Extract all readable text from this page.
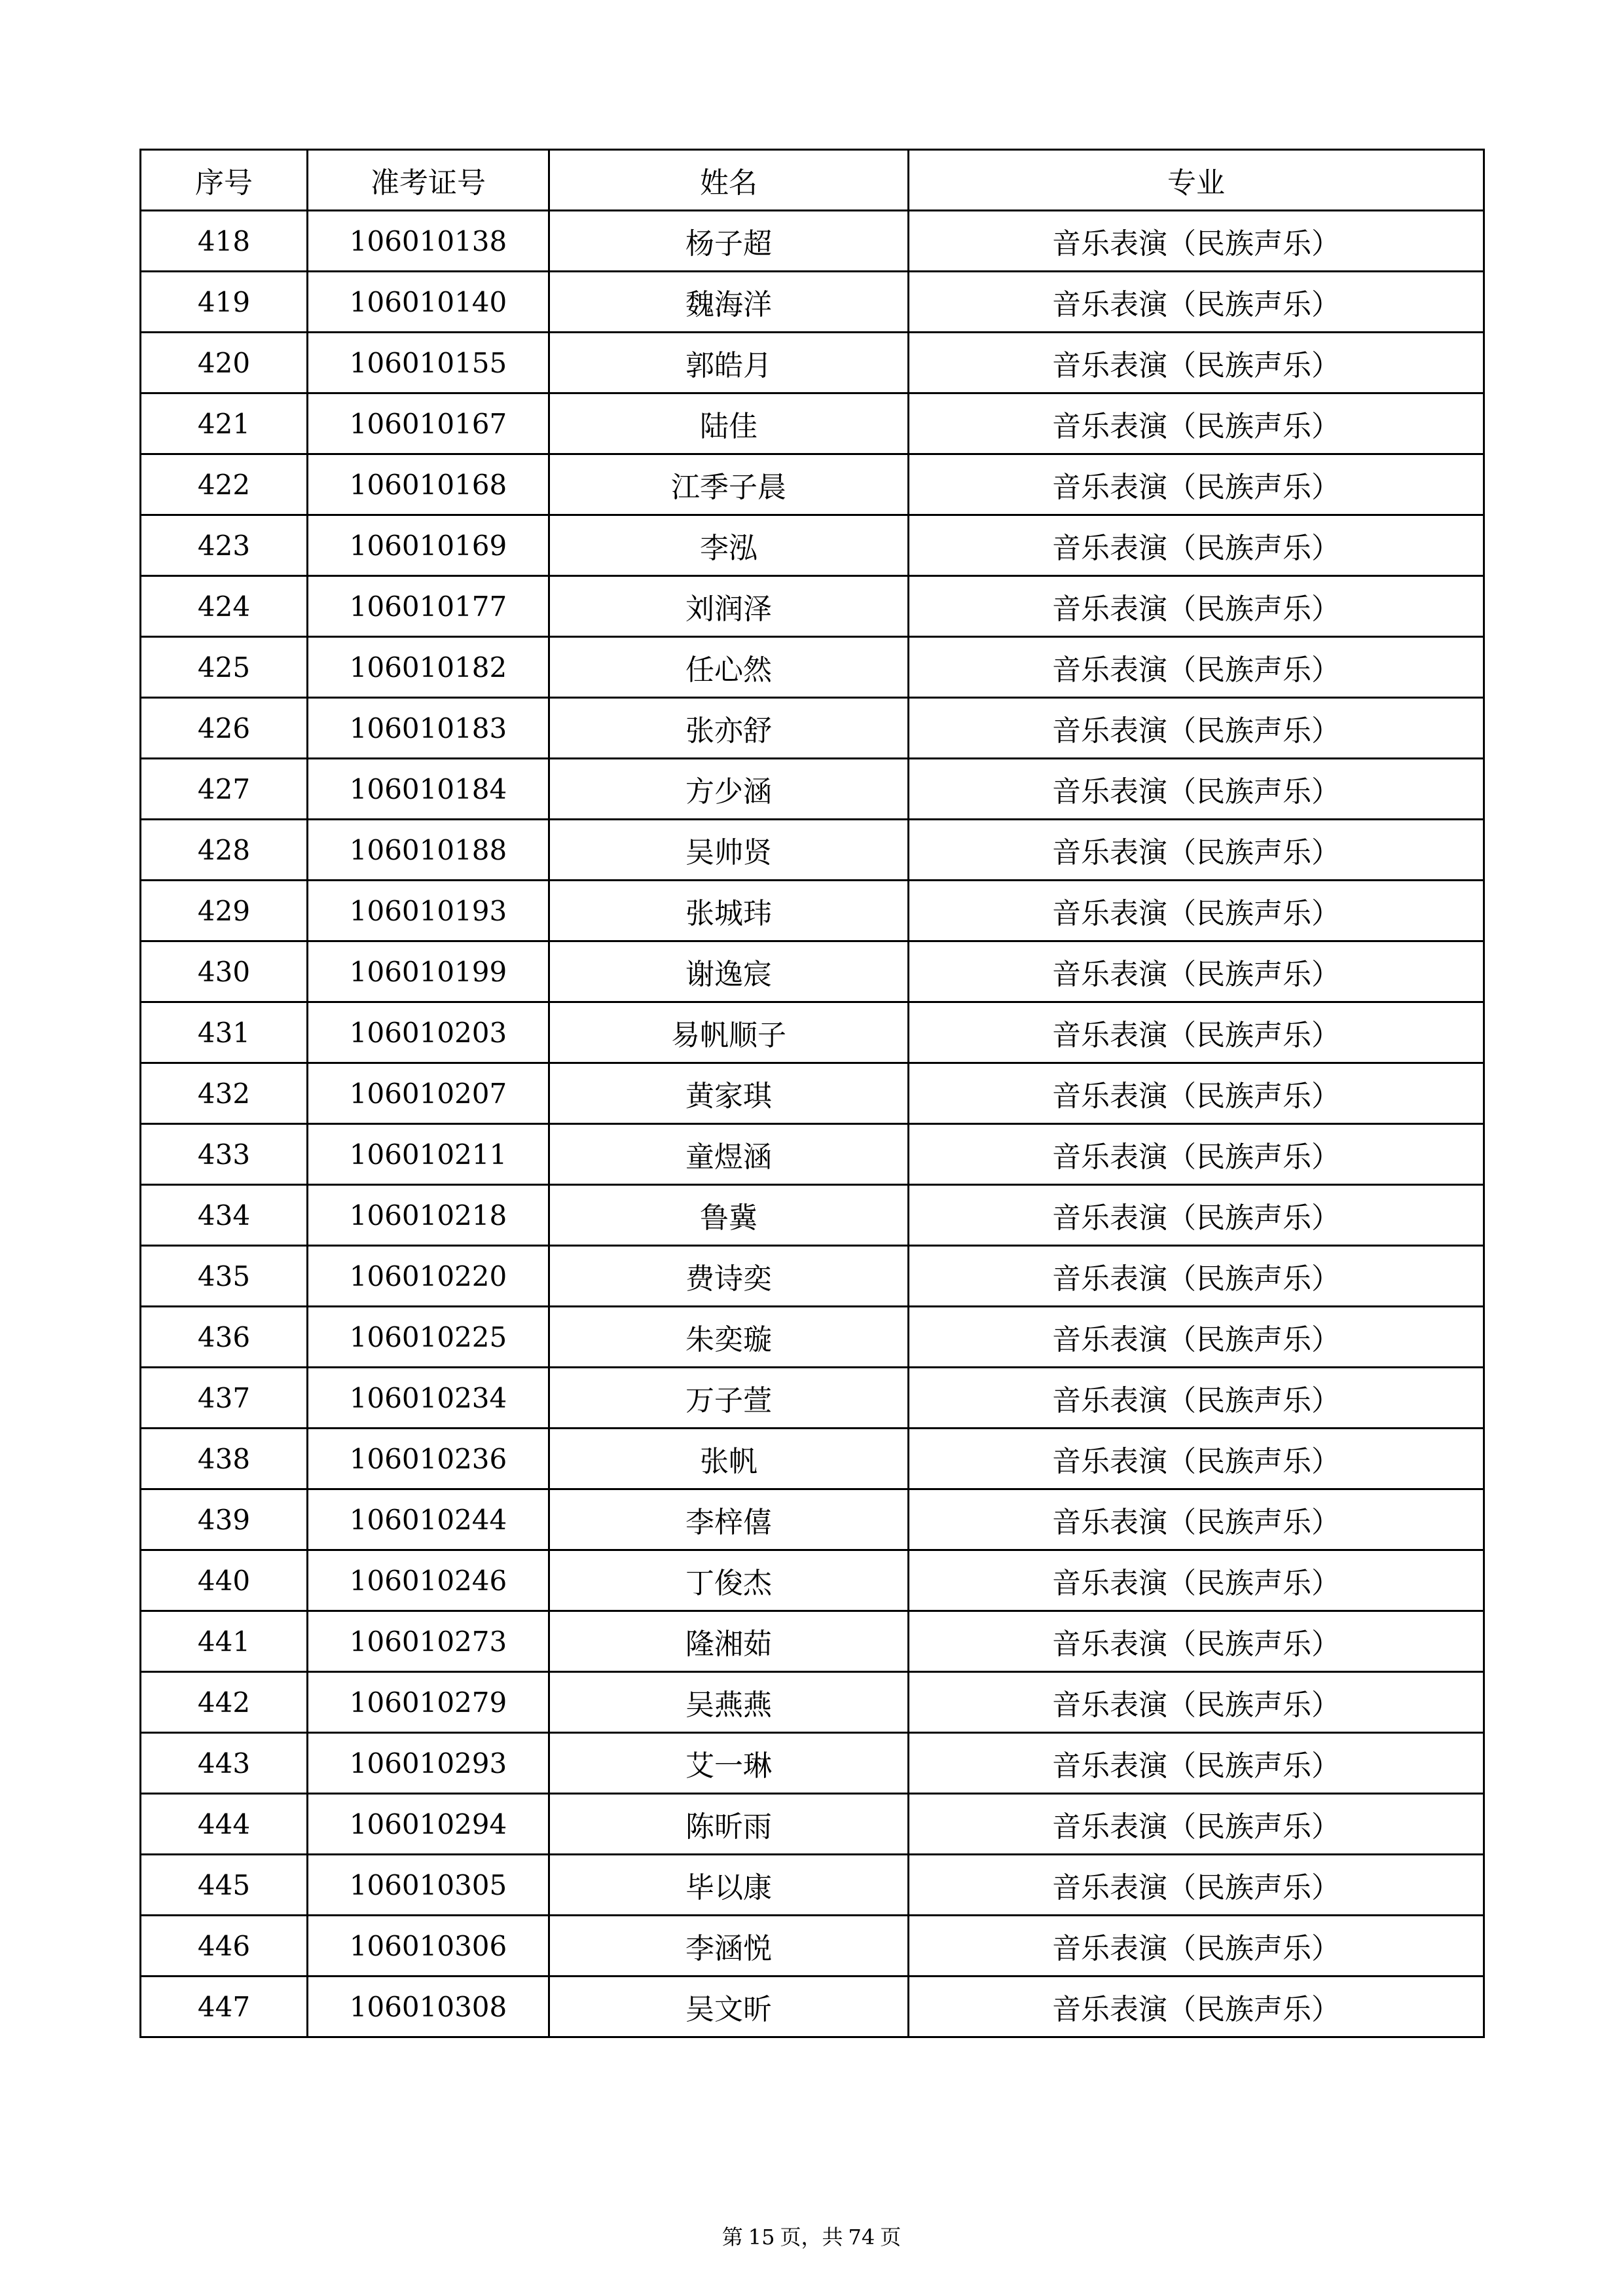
序号	准考证号	姓名	专业
418	106010138	杨子超	音乐表演（民族声乐）
419	106010140	魏海洋	音乐表演（民族声乐）
420	106010155	郭皓月	音乐表演（民族声乐）
421	106010167	陆佳	音乐表演（民族声乐）
422	106010168	江季子晨	音乐表演（民族声乐）
423	106010169	李泓	音乐表演（民族声乐）
424	106010177	刘润泽	音乐表演（民族声乐）
425	106010182	任心然	音乐表演（民族声乐）
426	106010183	张亦舒	音乐表演（民族声乐）
427	106010184	方少涵	音乐表演（民族声乐）
428	106010188	吴帅贤	音乐表演（民族声乐）
429	106010193	张城玮	音乐表演（民族声乐）
430	106010199	谢逸宸	音乐表演（民族声乐）
431	106010203	易帆顺子	音乐表演（民族声乐）
432	106010207	黄家琪	音乐表演（民族声乐）
433	106010211	童煜涵	音乐表演（民族声乐）
434	106010218	鲁冀	音乐表演（民族声乐）
435	106010220	费诗奕	音乐表演（民族声乐）
436	106010225	朱奕璇	音乐表演（民族声乐）
437	106010234	万子萱	音乐表演（民族声乐）
438	106010236	张帆	音乐表演（民族声乐）
439	106010244	李梓僖	音乐表演（民族声乐）
440	106010246	丁俊杰	音乐表演（民族声乐）
441	106010273	隆湘茹	音乐表演（民族声乐）
442	106010279	吴燕燕	音乐表演（民族声乐）
443	106010293	艾一琳	音乐表演（民族声乐）
444	106010294	陈昕雨	音乐表演（民族声乐）
445	106010305	毕以康	音乐表演（民族声乐）
446	106010306	李涵悦	音乐表演（民族声乐）
447	106010308	吴文昕	音乐表演（民族声乐）
第 15 页，共 74 页
